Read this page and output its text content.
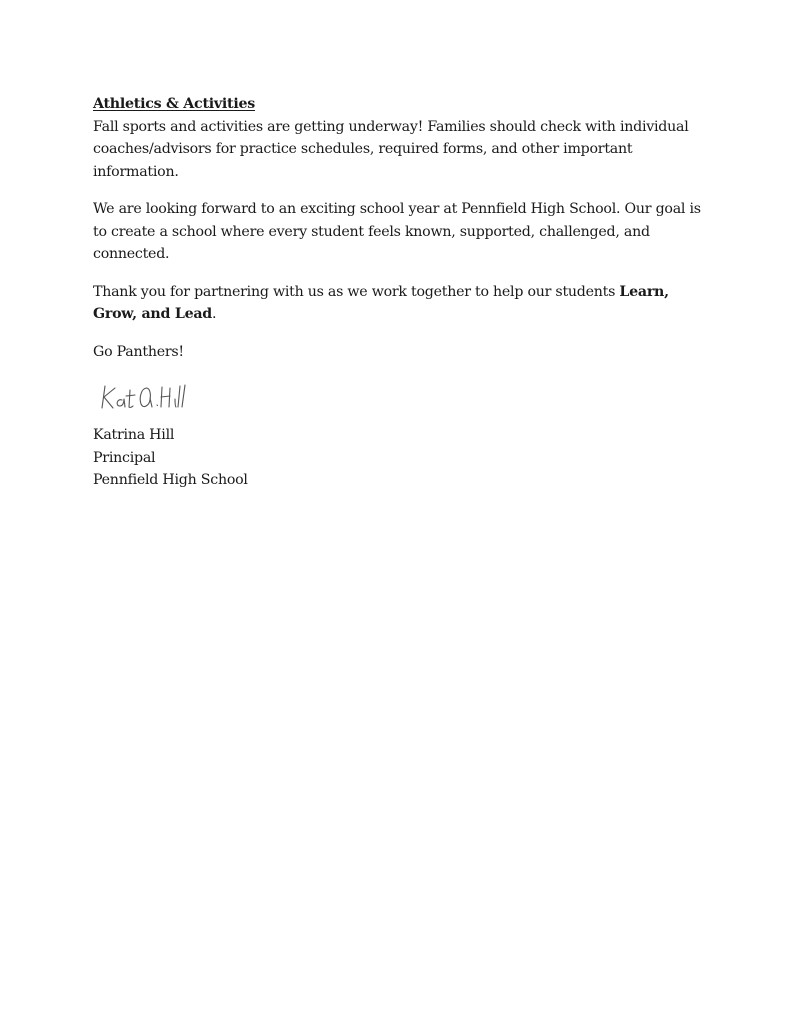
Athletics & Activities

Fall sports and activities are getting underway! Families should check with individual coaches/advisors for practice schedules, required forms, and other important information.

We are looking forward to an exciting school year at Pennfield High School. Our goal is to create a school where every student feels known, supported, challenged, and connected.

Thank you for partnering with us as we work together to help our students Learn, Grow, and Lead.

Go Panthers!

Katrina Hill
Principal
Pennfield High School
